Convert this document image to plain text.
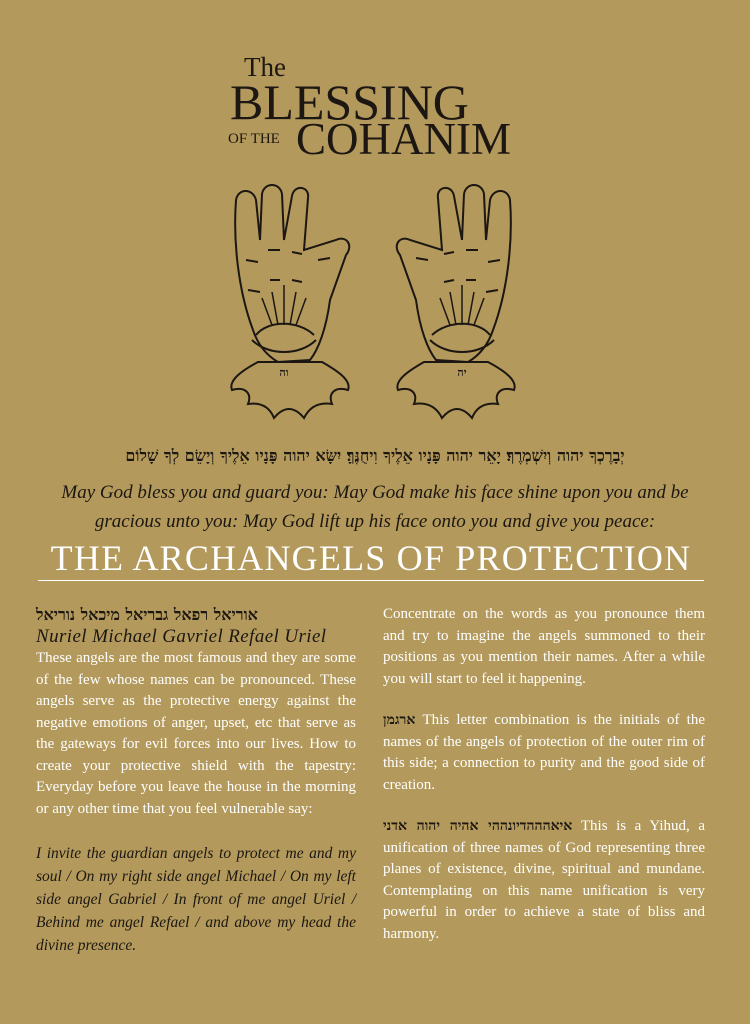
The
BLESSING
OF THE COHANIM
וה	יה
יְבָרֶכְךָ יהוה וְיִשְׁמְרֶךָ׃ יָאֵר יהוה פָּנָיו אֵלֶיךָ וִיחֻנֶּךָּ׃ יִשָּׂא יהוה פָּנָיו אֵלֶיךָ וְיָשֵׂם לְךָ שָׁלוֹם
May God bless you and guard you: May God make his face shine upon you and be
gracious unto you: May God lift up his face onto you and give you peace:
THE ARCHANGELS OF PROTECTION
אוריאל רפאל גבריאל מיכאל נוריאל
Nuriel Michael Gavriel Refael Uriel
These angels are the most famous and they are some of the few whose names can be pronounced. These angels serve as the protective energy against the negative emotions of anger, upset, etc that serve as the gateways for evil forces into our lives. How to create your protective shield with the tapestry: Everyday before you leave the house in the morning or any other time that you feel vulnerable say:
I invite the guardian angels to protect me and my soul / On my right side angel Michael / On my left side angel Gabriel / In front of me angel Uriel / Behind me angel Refael / and above my head the divine presence.

Concentrate on the words as you pronounce them and try to imagine the angels summoned to their positions as you mention their names. After a while you will start to feel it happening.

ארגמן This letter combination is the initials of the names of the angels of protection of the outer rim of this side; a connection to purity and the good side of creation.

איאהההדיונההי אהיה יהוה אדני This is a Yihud, a unification of three names of God representing three planes of existence, divine, spiritual and mundane. Contemplating on this name unification is very powerful in order to achieve a state of bliss and harmony.
